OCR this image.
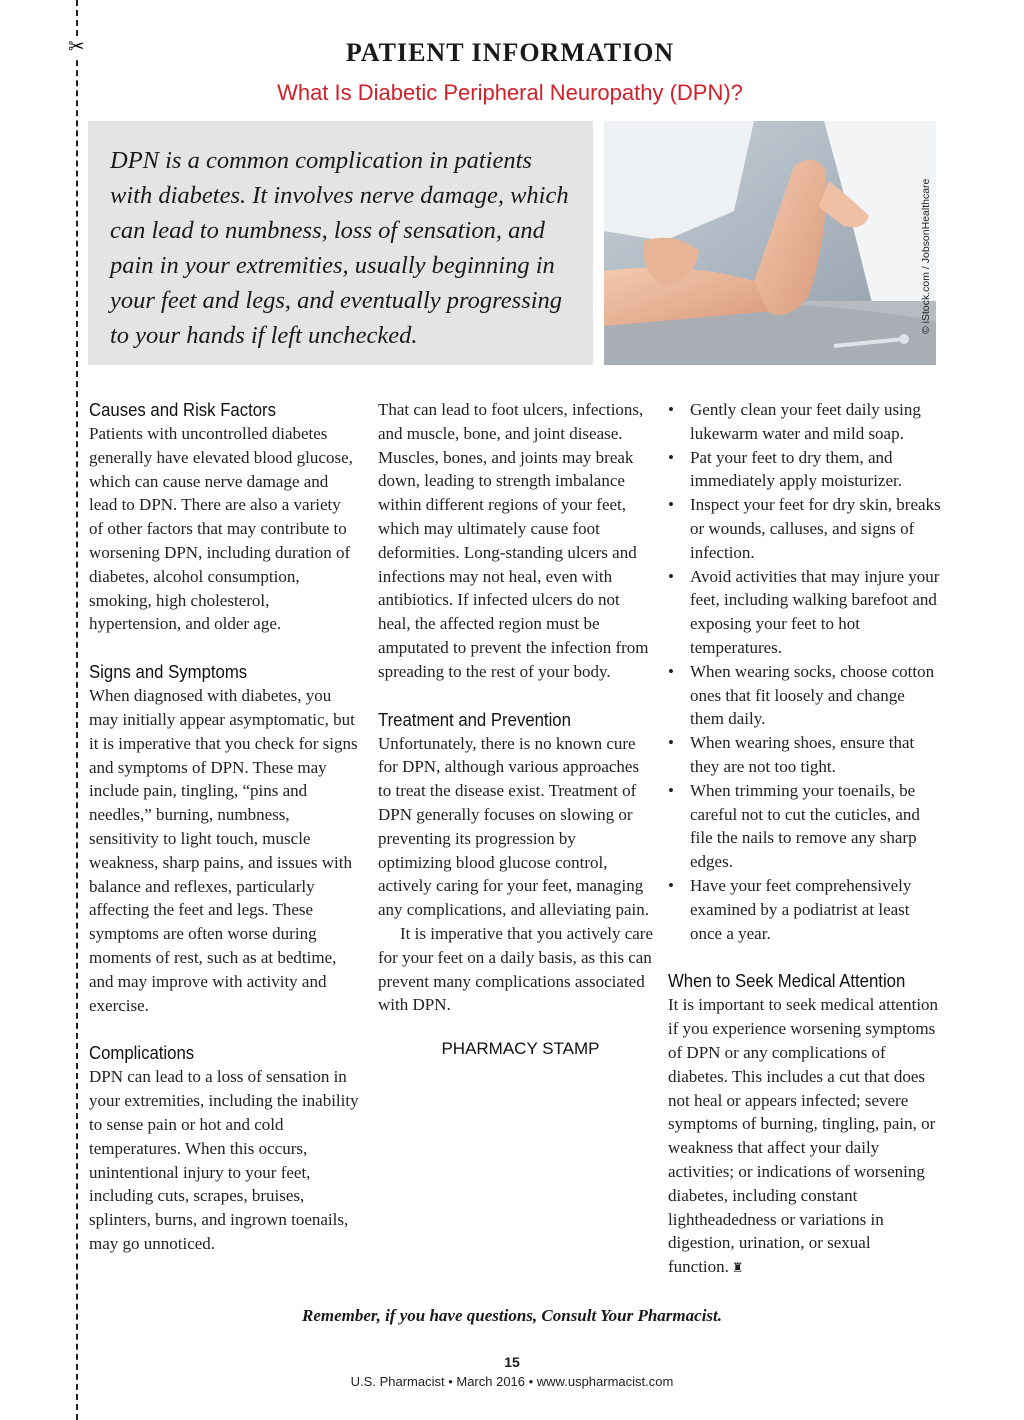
✂	PATIENT INFORMATION
What Is Diabetic Peripheral Neuropathy (DPN)?

DPN is a common complication in patients with diabetes. It involves nerve damage, which can lead to numbness, loss of sensation, and pain in your extremities, usually beginning in your feet and legs, and eventually progressing to your hands if left unchecked.

© iStock.com / JobsonHealthcare
Causes and Risk Factors

Patients with uncontrolled diabetes generally have elevated blood glucose, which can cause nerve damage and lead to DPN. There are also a variety of other factors that may contribute to worsening DPN, including duration of diabetes, alcohol consumption, smoking, high cholesterol, hypertension, and older age.

Signs and Symptoms

When diagnosed with diabetes, you may initially appear asymptomatic, but it is imperative that you check for signs and symptoms of DPN. These may include pain, tingling, “pins and needles,” burning, numbness, sensitivity to light touch, muscle weakness, sharp pains, and issues with balance and reflexes, particularly affecting the feet and legs. These symptoms are often worse during moments of rest, such as at bedtime, and may improve with activity and exercise.

Complications

DPN can lead to a loss of sensation in your extremities, including the inability to sense pain or hot and cold temperatures. When this occurs, unintentional injury to your feet, including cuts, scrapes, bruises, splinters, burns, and ingrown toenails, may go unnoticed.

That can lead to foot ulcers, infections, and muscle, bone, and joint disease. Muscles, bones, and joints may break down, leading to strength imbalance within different regions of your feet, which may ultimately cause foot deformities. Long-standing ulcers and infections may not heal, even with antibiotics. If infected ulcers do not heal, the affected region must be amputated to prevent the infection from spreading to the rest of your body.

Treatment and Prevention

Unfortunately, there is no known cure for DPN, although various approaches to treat the disease exist. Treatment of DPN generally focuses on slowing or preventing its progression by optimizing blood glucose control, actively caring for your feet, managing any complications, and alleviating pain.

It is imperative that you actively care for your feet on a daily basis, as this can prevent many complications associated with DPN.

PHARMACY STAMP

• Gently clean your feet daily using lukewarm water and mild soap.
• Pat your feet to dry them, and immediately apply moisturizer.
• Inspect your feet for dry skin, breaks or wounds, calluses, and signs of infection.
• Avoid activities that may injure your feet, including walking barefoot and exposing your feet to hot temperatures.
• When wearing socks, choose cotton ones that fit loosely and change them daily.
• When wearing shoes, ensure that they are not too tight.
• When trimming your toenails, be careful not to cut the cuticles, and file the nails to remove any sharp edges.
• Have your feet comprehensively examined by a podiatrist at least once a year.
When to Seek Medical Attention

It is important to seek medical attention if you experience worsening symptoms of DPN or any complications of diabetes. This includes a cut that does not heal or appears infected; severe symptoms of burning, tingling, pain, or weakness that affect your daily activities; or indications of worsening diabetes, including constant lightheadedness or variations in digestion, urination, or sexual function. ♜

Remember, if you have questions, Consult Your Pharmacist.

15
U.S. Pharmacist • March 2016 • www.uspharmacist.com
